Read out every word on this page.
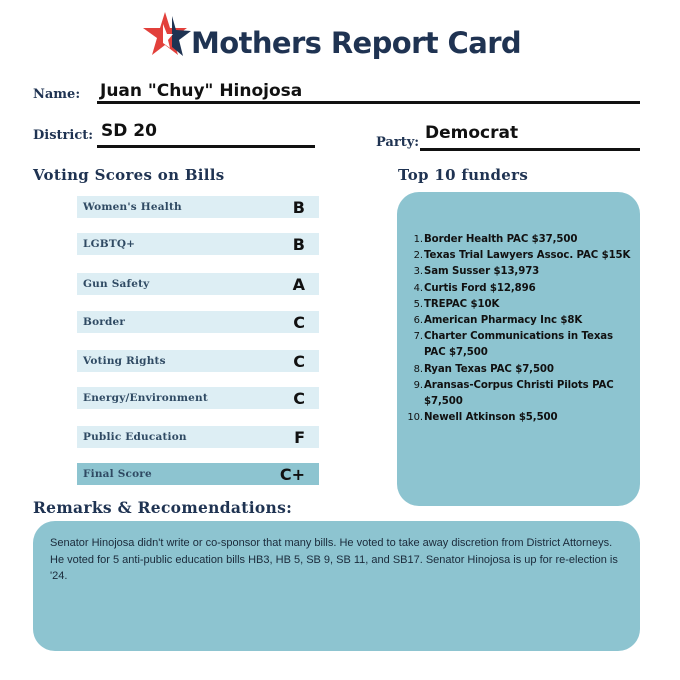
Mothers Report Card
Name: Juan "Chuy" Hinojosa
District: SD 20
Party: Democrat
Voting Scores on Bills	Top 10 funders
Women's Health	B
LGBTQ+	B
Gun Safety	A
Border	C
Voting Rights	C
Energy/Environment	C
Public Education	F
Final Score	C+
1. Border Health PAC $37,500
2. Texas Trial Lawyers Assoc. PAC $15K
3. Sam Susser $13,973
4. Curtis Ford $12,896
5. TREPAC $10K
6. American Pharmacy Inc $8K
7. Charter Communications in Texas PAC $7,500
8. Ryan Texas PAC $7,500
9. Aransas-Corpus Christi Pilots PAC $7,500
10. Newell Atkinson $5,500
Remarks & Recomendations:
Senator Hinojosa didn't write or co-sponsor that many bills. He voted to take away discretion from District Attorneys. He voted for 5 anti-public education bills HB3, HB 5, SB 9, SB 11, and SB17. Senator Hinojosa is up for re-election is '24.
